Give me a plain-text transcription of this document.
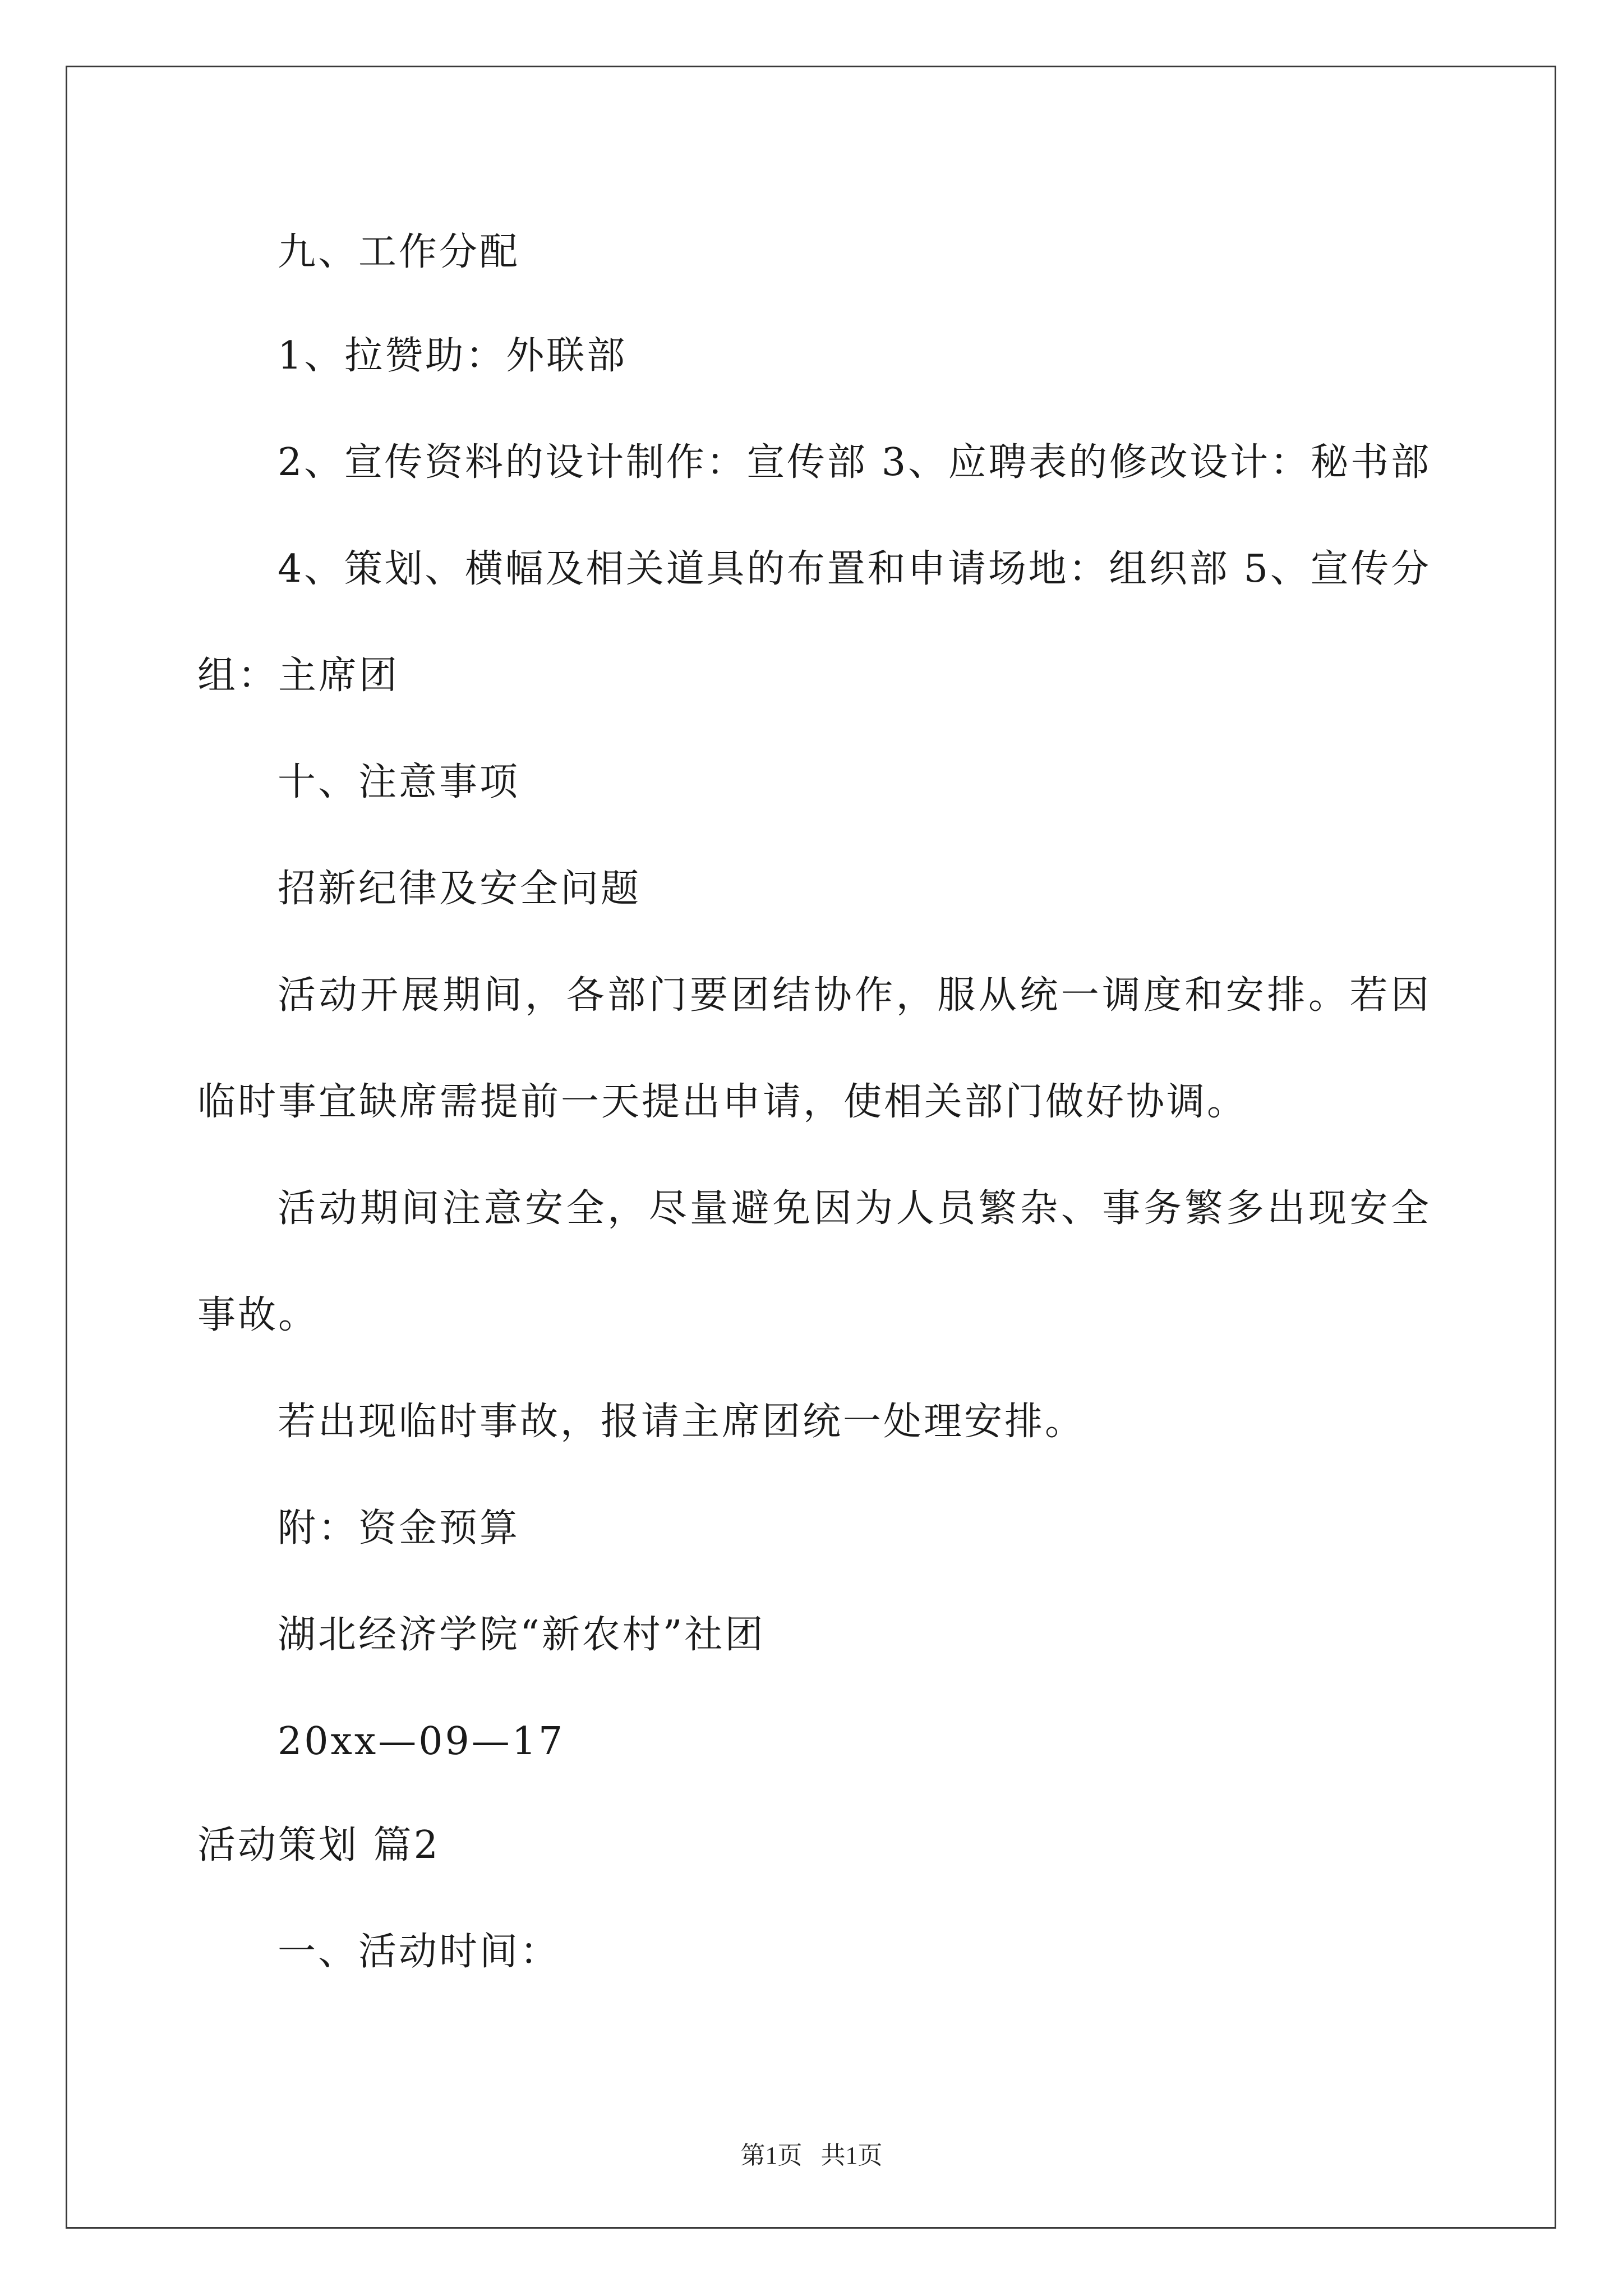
九、工作分配
1、拉赞助：外联部
2、宣传资料的设计制作：宣传部 3、应聘表的修改设计：秘书部
4、策划、横幅及相关道具的布置和申请场地：组织部 5、宣传分
组：主席团
十、注意事项
招新纪律及安全问题
活动开展期间，各部门要团结协作，服从统一调度和安排。若因
临时事宜缺席需提前一天提出申请，使相关部门做好协调。
活动期间注意安全，尽量避免因为人员繁杂、事务繁多出现安全
事故。
若出现临时事故，报请主席团统一处理安排。
附：资金预算
湖北经济学院“新农村”社团
20xx—09—17
活动策划 篇2
一、活动时间：
第1页   共1页
